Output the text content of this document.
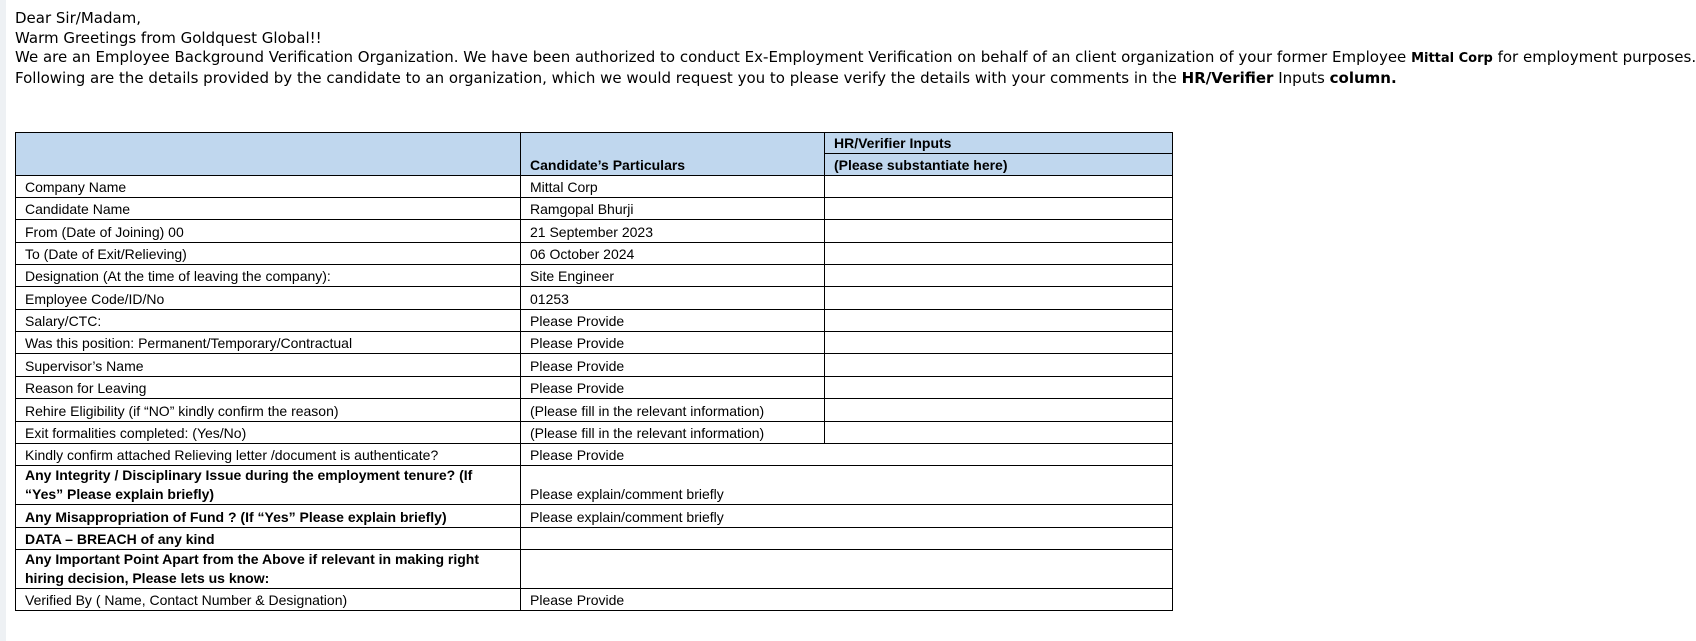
Dear Sir/Madam,

Warm Greetings from Goldquest Global!!

We are an Employee Background Verification Organization. We have been authorized to conduct Ex-Employment Verification on behalf of an client organization of your former Employee Mittal Corp for employment purposes.

Following are the details provided by the candidate to an organization, which we would request you to please verify the details with your comments in the HR/Verifier Inputs column.

	Candidate’s Particulars	HR/Verifier Inputs
		(Please substantiate here)
Company Name	Mittal Corp	
Candidate Name	Ramgopal Bhurji	
From (Date of Joining) 00	21 September 2023	
To (Date of Exit/Relieving)	06 October 2024	
Designation (At the time of leaving the company):	Site Engineer	
Employee Code/ID/No	01253	
Salary/CTC:	Please Provide	
Was this position: Permanent/Temporary/Contractual	Please Provide	
Supervisor’s Name	Please Provide	
Reason for Leaving	Please Provide	
Rehire Eligibility (if “NO” kindly confirm the reason)	(Please fill in the relevant information)	
Exit formalities completed: (Yes/No)	(Please fill in the relevant information)	
Kindly confirm attached Relieving letter /document is authenticate?	Please Provide	
Any Integrity / Disciplinary Issue during the employment tenure? (If “Yes” Please explain briefly)	Please explain/comment briefly	
Any Misappropriation of Fund ? (If “Yes” Please explain briefly)	Please explain/comment briefly	
DATA – BREACH of any kind		
Any Important Point Apart from the Above if relevant in making right hiring decision, Please lets us know:		
Verified By ( Name, Contact Number & Designation)	Please Provide	
